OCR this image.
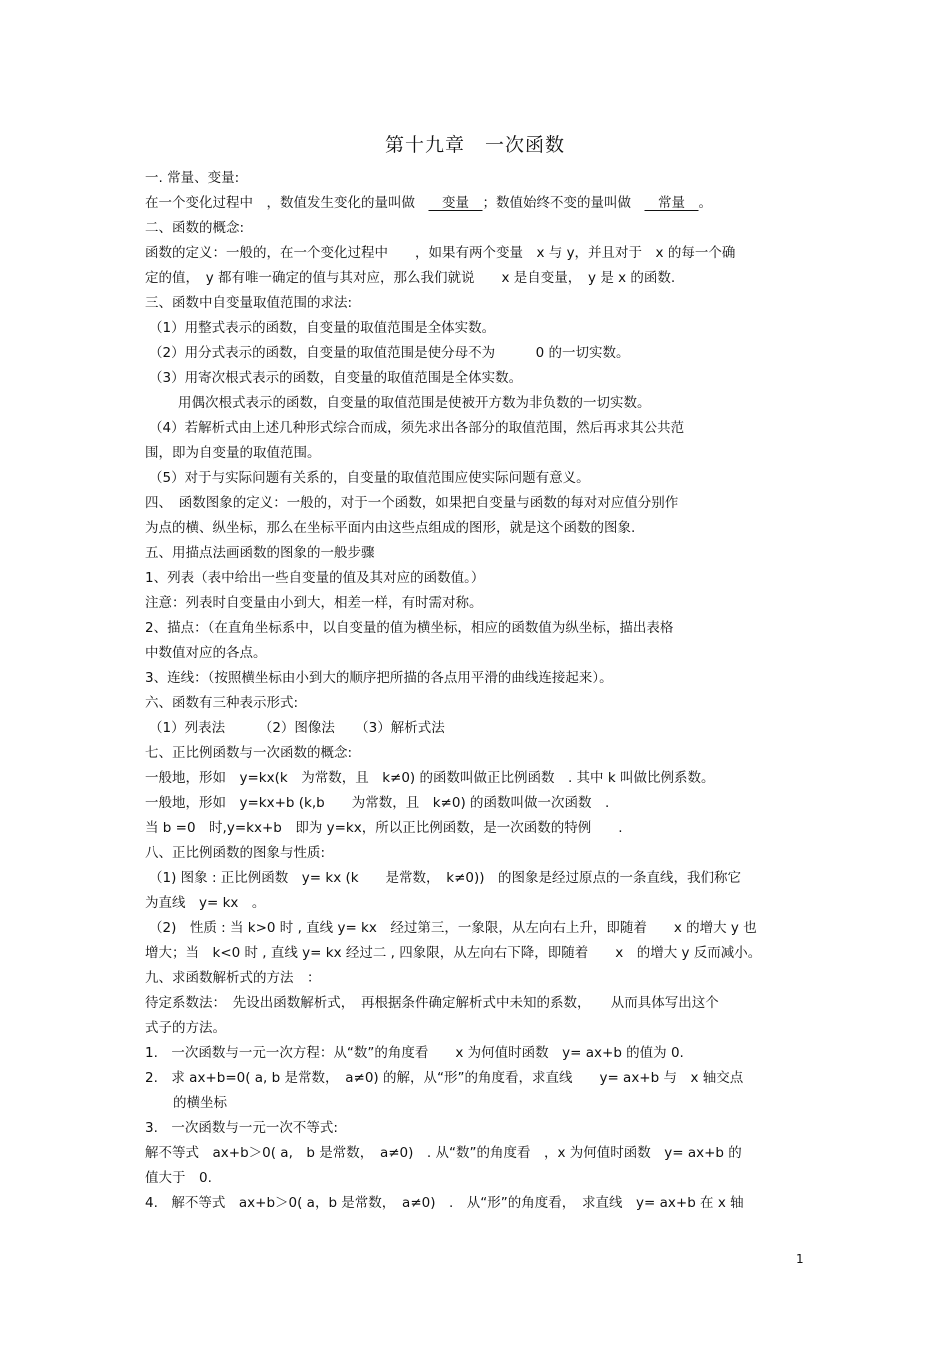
第十九章　一次函数
一. 常量、变量:
在一个变化过程中　，数值发生变化的量叫做　　变量　；数值始终不变的量叫做　　常量　。
二、函数的概念:
函数的定义：一般的，在一个变化过程中　　，如果有两个变量　x 与 y，并且对于　x 的每一个确
定的值，　y 都有唯一确定的值与其对应，那么我们就说　　x 是自变量，　y 是 x 的函数.
三、函数中自变量取值范围的求法:
（1）用整式表示的函数，自变量的取值范围是全体实数。
（2）用分式表示的函数，自变量的取值范围是使分母不为　　　0 的一切实数。
（3）用寄次根式表示的函数，自变量的取值范围是全体实数。
用偶次根式表示的函数，自变量的取值范围是使被开方数为非负数的一切实数。
（4）若解析式由上述几种形式综合而成，须先求出各部分的取值范围，然后再求其公共范
围，即为自变量的取值范围。
（5）对于与实际问题有关系的，自变量的取值范围应使实际问题有意义。
四、　函数图象的定义：一般的，对于一个函数，如果把自变量与函数的每对对应值分别作
为点的横、纵坐标，那么在坐标平面内由这些点组成的图形，就是这个函数的图象.
五、用描点法画函数的图象的一般步骤
1、列表（表中给出一些自变量的值及其对应的函数值。）
注意：列表时自变量由小到大，相差一样，有时需对称。
2、描点：（在直角坐标系中，以自变量的值为横坐标，相应的函数值为纵坐标，描出表格
中数值对应的各点。
3、连线：（按照横坐标由小到大的顺序把所描的各点用平滑的曲线连接起来）。
六、函数有三种表示形式:
（1）列表法　　　（2）图像法　　（3）解析式法
七、正比例函数与一次函数的概念:
一般地，形如　y=kx(k　为常数，且　k≠0) 的函数叫做正比例函数　. 其中 k 叫做比例系数。
一般地，形如　y=kx+b (k,b　　为常数，且　k≠0) 的函数叫做一次函数　.
当 b =0　时,y=kx+b　即为 y=kx，所以正比例函数，是一次函数的特例　　.
八、正比例函数的图象与性质:
（1) 图象 : 正比例函数　y= kx (k　　是常数，　k≠0))　的图象是经过原点的一条直线，我们称它
为直线　y= kx　。
（2)　性质 : 当 k>0 时 , 直线 y= kx　经过第三，一象限，从左向右上升，即随着　　x 的增大 y 也
增大；当　k<0 时 , 直线 y= kx 经过二 , 四象限，从左向右下降，即随着　　x　的增大 y 反而减小。
九、求函数解析式的方法　：
待定系数法：　先设出函数解析式，　再根据条件确定解析式中未知的系数，　　从而具体写出这个
式子的方法。
1.　一次函数与一元一次方程：从“数”的角度看　　x 为何值时函数　y= ax+b 的值为 0.
2.　求 ax+b=0( a, b 是常数，　a≠0) 的解，从“形”的角度看，求直线　　y= ax+b 与　x 轴交点
的横坐标
3.　一次函数与一元一次不等式:
解不等式　ax+b＞0( a,　b 是常数，　a≠0)　. 从“数”的角度看　，x 为何值时函数　y= ax+b 的
值大于　0.
4.　解不等式　ax+b＞0( a，b 是常数，　a≠0)　.　从“形”的角度看，　求直线　y= ax+b 在 x 轴
1
